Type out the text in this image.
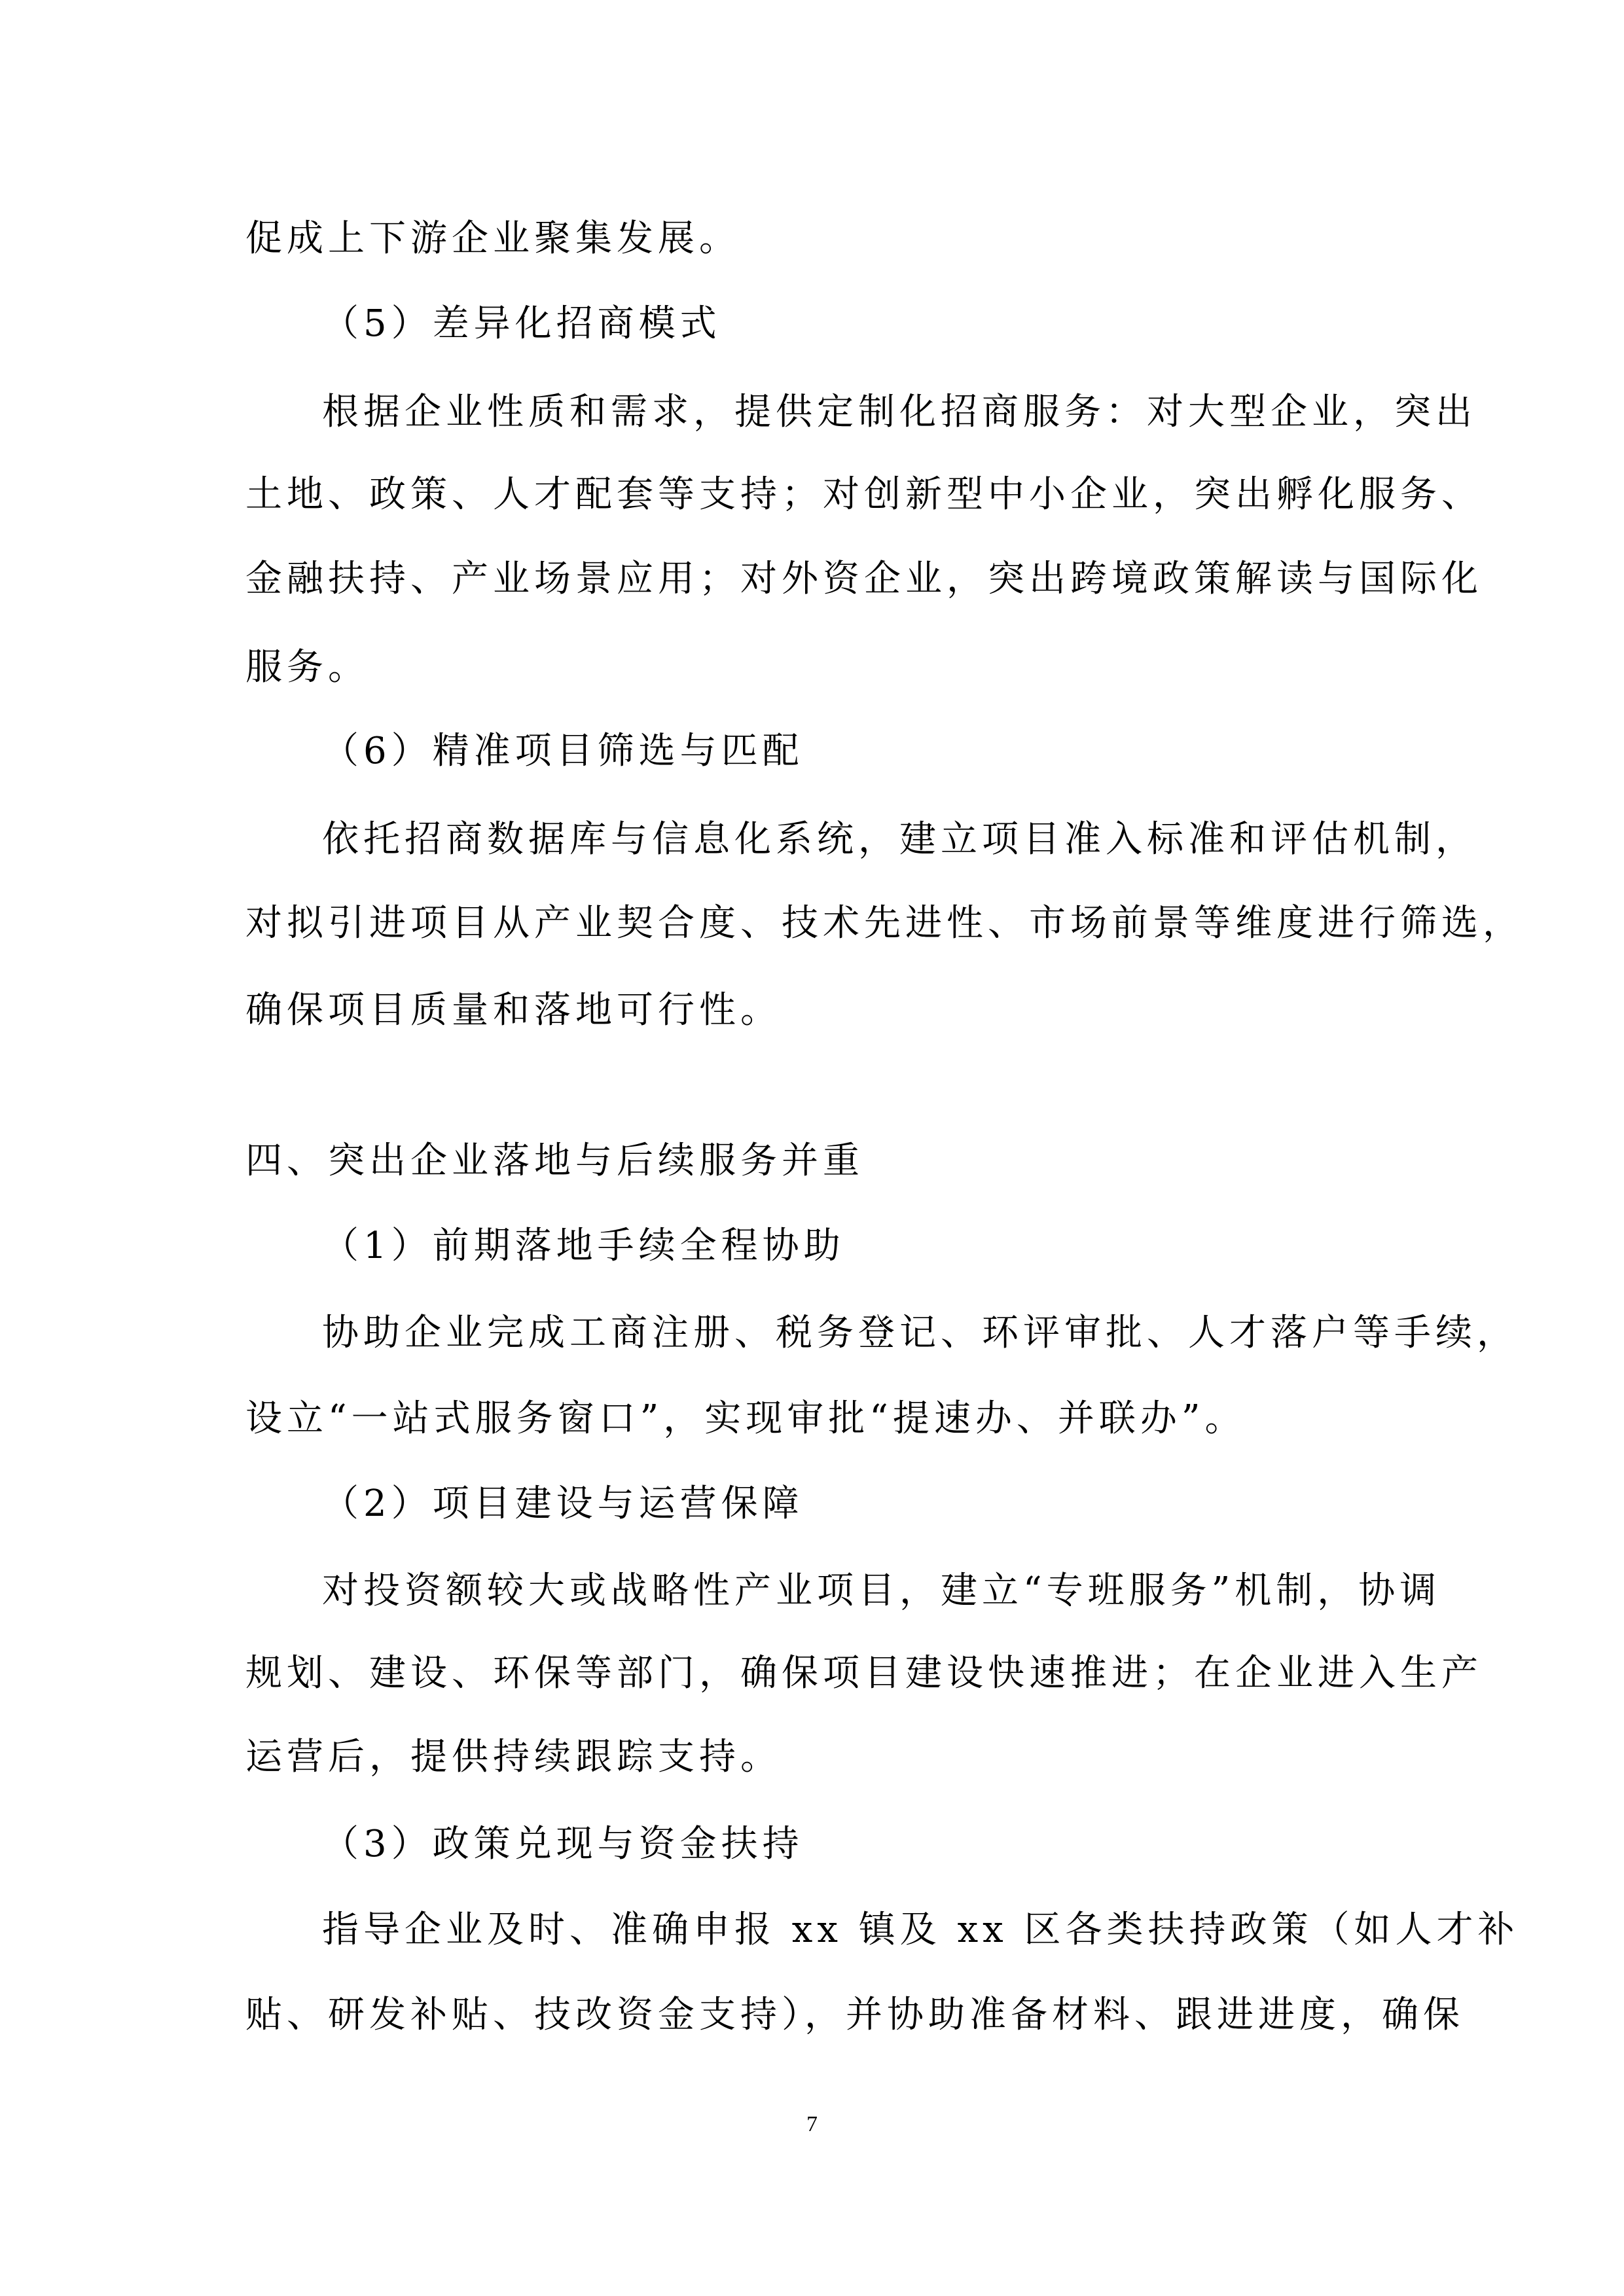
促成上下游企业聚集发展。
（5）差异化招商模式
根据企业性质和需求，提供定制化招商服务：对大型企业，突出
土地、政策、人才配套等支持；对创新型中小企业，突出孵化服务、
金融扶持、产业场景应用；对外资企业，突出跨境政策解读与国际化
服务。
（6）精准项目筛选与匹配
依托招商数据库与信息化系统，建立项目准入标准和评估机制，
对拟引进项目从产业契合度、技术先进性、市场前景等维度进行筛选，
确保项目质量和落地可行性。
四、突出企业落地与后续服务并重
（1）前期落地手续全程协助
协助企业完成工商注册、税务登记、环评审批、人才落户等手续，
设立“一站式服务窗口”，实现审批“提速办、并联办”。
（2）项目建设与运营保障
对投资额较大或战略性产业项目，建立“专班服务”机制，协调
规划、建设、环保等部门，确保项目建设快速推进；在企业进入生产
运营后，提供持续跟踪支持。
（3）政策兑现与资金扶持
指导企业及时、准确申报 xx 镇及 xx 区各类扶持政策（如人才补
贴、研发补贴、技改资金支持），并协助准备材料、跟进进度，确保
7
